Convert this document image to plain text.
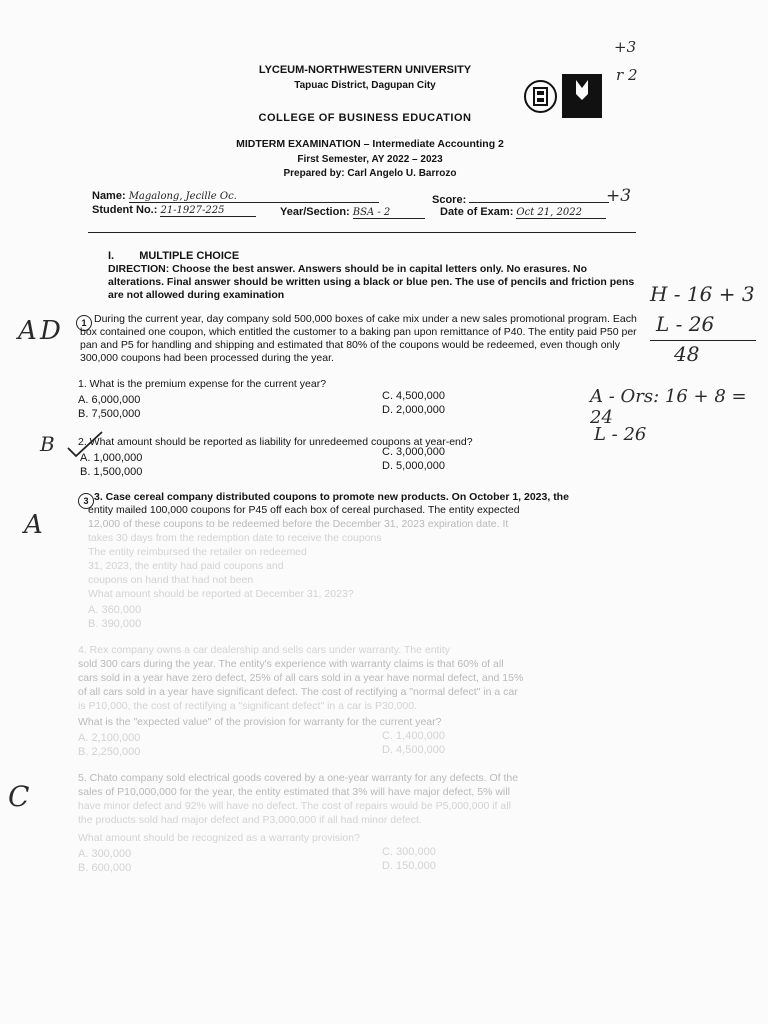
LYCEUM-NORTHWESTERN UNIVERSITY
Tapuac District, Dagupan City
COLLEGE OF BUSINESS EDUCATION
MIDTERM EXAMINATION – Intermediate Accounting 2
First Semester, AY 2022 – 2023
Prepared by: Carl Angelo U. Barrozo
Name: Magalong, Jecille Oc.	Score:	+3
Student No.: 21-1927-225	Year/Section: BSA - 2	Date of Exam: Oct 21, 2022
I. MULTIPLE CHOICE
DIRECTION: Choose the best answer. Answers should be in capital letters only. No erasures. No alterations. Final answer should be written using a black or blue pen. The use of pencils and friction pens are not allowed during examination
1 During the current year, day company sold 500,000 boxes of cake mix under a new sales promotional program. Each box contained one coupon, which entitled the customer to a baking pan upon remittance of P40. The entity paid P50 per pan and P5 for handling and shipping and estimated that 80% of the coupons would be redeemed, even though only 300,000 coupons had been processed during the year.
1. What is the premium expense for the current year?
A. 6,000,000
B. 7,500,000
C. 4,500,000
D. 2,000,000
2. What amount should be reported as liability for unredeemed coupons at year-end?
A. 1,000,000
B. 1,500,000
C. 3,000,000
D. 5,000,000
3 3. Case cereal company distributed coupons to promote new products. On October 1, 2023, the
entity mailed 100,000 coupons for P45 off each box of cereal purchased. The entity expected
12,000 of these coupons to be redeemed before the December 31, 2023 expiration date. It
takes 30 days from the redemption date to receive the coupons
The entity reimbursed the retailer on redeemed
31, 2023, the entity had paid coupons and
coupons on hand that had not been
What amount should be reported at December 31, 2023?
A. 360,000
B. 390,000
4. Rex company owns a car dealership and sells cars under warranty. The entity
sold 300 cars during the year. The entity's experience with warranty claims is that 60% of all
cars sold in a year have zero defect, 25% of all cars sold in a year have normal defect, and 15%
of all cars sold in a year have significant defect. The cost of rectifying a "normal defect" in a car
is P10,000, the cost of rectifying a "significant defect" in a car is P30,000.
What is the "expected value" of the provision for warranty for the current year?
A. 2,100,000
B. 2,250,000
C. 1,400,000
D. 4,500,000
5. Chato company sold electrical goods covered by a one-year warranty for any defects. Of the
sales of P10,000,000 for the year, the entity estimated that 3% will have major defect, 5% will
have minor defect and 92% will have no defect. The cost of repairs would be P5,000,000 if all
the products sold had major defect and P3,000,000 if all had minor defect.
What amount should be recognized as a warranty provision?
A. 300,000
B. 600,000
C. 300,000
D. 150,000
+3
r 2
A D
B
A
C
H - 16 + 3
L - 26
48
A - Ors: 16 + 8 = 24
L - 26
